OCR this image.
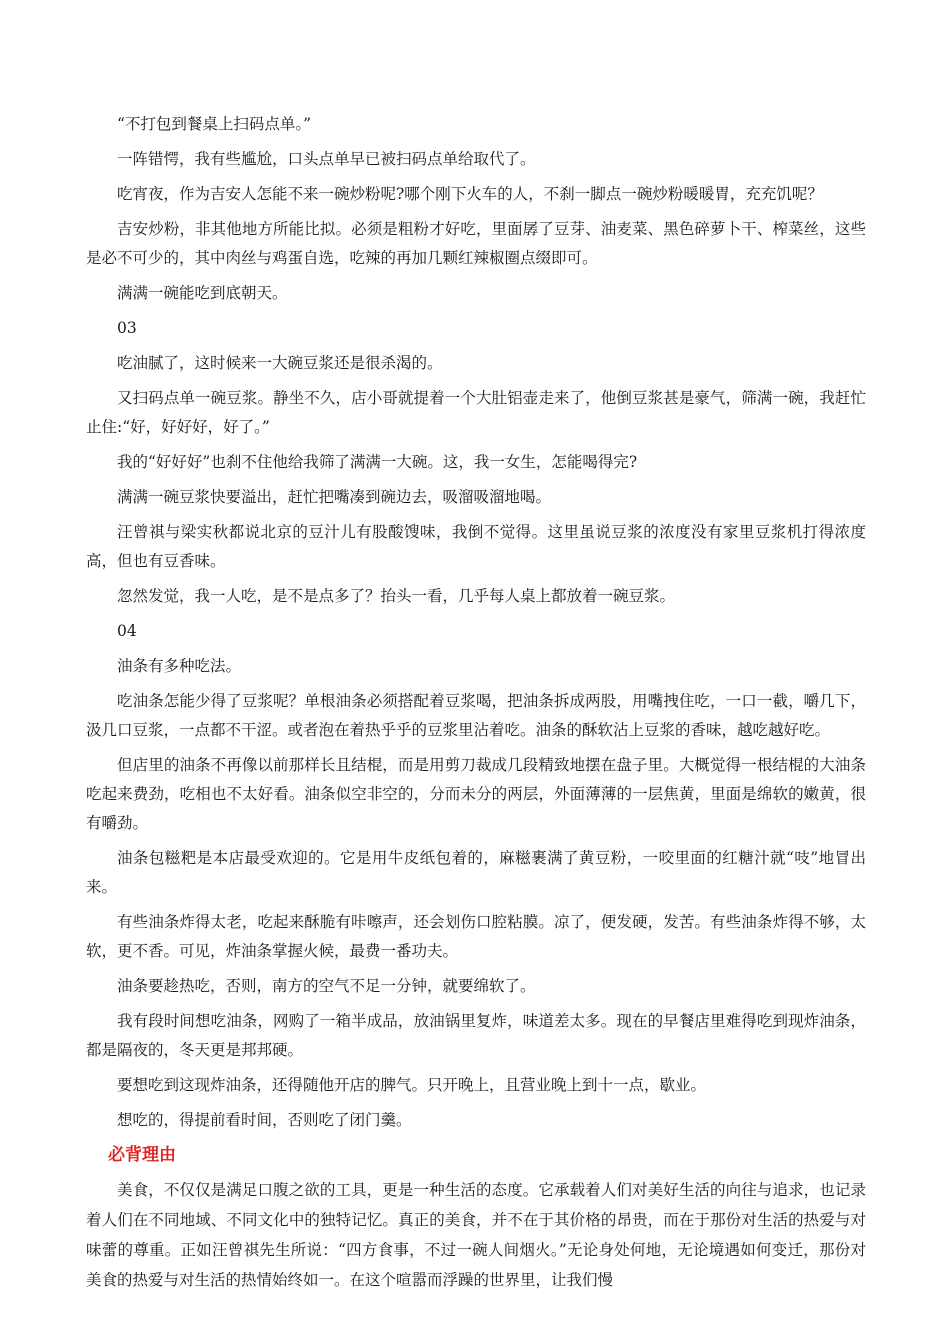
“不打包到餐桌上扫码点单。”

一阵错愕，我有些尴尬，口头点单早已被扫码点单给取代了。

吃宵夜，作为吉安人怎能不来一碗炒粉呢?哪个刚下火车的人，不刹一脚点一碗炒粉暖暖胃，充充饥呢？

吉安炒粉，非其他地方所能比拟。必须是粗粉才好吃，里面孱了豆芽、油麦菜、黑色碎萝卜干、榨菜丝，这些是必不可少的，其中肉丝与鸡蛋自选，吃辣的再加几颗红辣椒圈点缀即可。

满满一碗能吃到底朝天。

03

吃油腻了，这时候来一大碗豆浆还是很杀渴的。

又扫码点单一碗豆浆。静坐不久，店小哥就提着一个大肚铝壶走来了，他倒豆浆甚是豪气，筛满一碗，我赶忙止住:“好，好好好，好了。”

我的“好好好”也刹不住他给我筛了满满一大碗。这，我一女生，怎能喝得完?

满满一碗豆浆快要溢出，赶忙把嘴凑到碗边去，吸溜吸溜地喝。

汪曾祺与梁实秋都说北京的豆汁儿有股酸馊味，我倒不觉得。这里虽说豆浆的浓度没有家里豆浆机打得浓度高，但也有豆香味。

忽然发觉，我一人吃，是不是点多了？抬头一看，几乎每人桌上都放着一碗豆浆。

04

油条有多种吃法。

吃油条怎能少得了豆浆呢？单根油条必须搭配着豆浆喝，把油条拆成两股，用嘴拽住吃，一口一截，嚼几下，汲几口豆浆，一点都不干涩。或者泡在着热乎乎的豆浆里沾着吃。油条的酥软沾上豆浆的香味，越吃越好吃。

但店里的油条不再像以前那样长且结棍，而是用剪刀裁成几段精致地摆在盘子里。大概觉得一根结棍的大油条吃起来费劲，吃相也不太好看。油条似空非空的，分而未分的两层，外面薄薄的一层焦黄，里面是绵软的嫩黄，很有嚼劲。

油条包糍粑是本店最受欢迎的。它是用牛皮纸包着的，麻糍裹满了黄豆粉，一咬里面的红糖汁就“吱”地冒出来。

有些油条炸得太老，吃起来酥脆有咔嚓声，还会划伤口腔粘膜。凉了，便发硬，发苦。有些油条炸得不够，太软，更不香。可见，炸油条掌握火候，最费一番功夫。

油条要趁热吃，否则，南方的空气不足一分钟，就要绵软了。

我有段时间想吃油条，网购了一箱半成品，放油锅里复炸，味道差太多。现在的早餐店里难得吃到现炸油条，都是隔夜的，冬天更是邦邦硬。

要想吃到这现炸油条，还得随他开店的脾气。只开晚上，且营业晚上到十一点，歇业。

想吃的，得提前看时间，否则吃了闭门羹。

必背理由

美食，不仅仅是满足口腹之欲的工具，更是一种生活的态度。它承载着人们对美好生活的向往与追求，也记录着人们在不同地域、不同文化中的独特记忆。真正的美食，并不在于其价格的昂贵，而在于那份对生活的热爱与对味蕾的尊重。正如汪曾祺先生所说：“四方食事，不过一碗人间烟火。”无论身处何地，无论境遇如何变迁，那份对美食的热爱与对生活的热情始终如一。在这个喧嚣而浮躁的世界里，让我们慢
